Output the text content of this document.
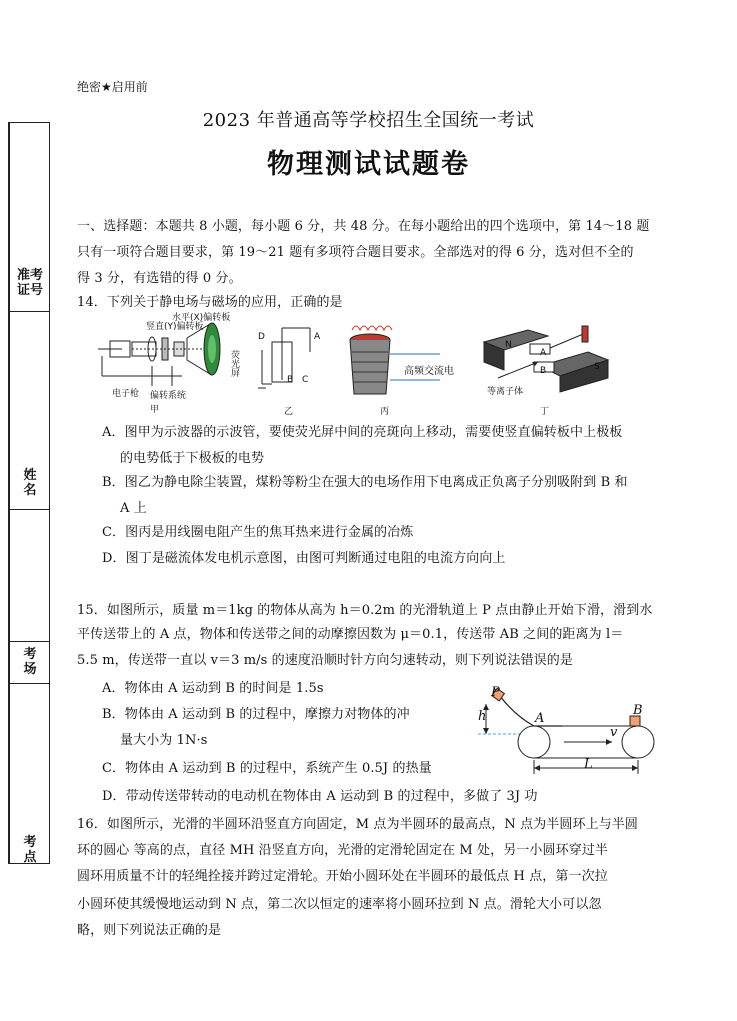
准考
证号
姓
名
考
场
考
点
绝密★启用前
2023 年普通高等学校招生全国统一考试
物理测试试题卷
一、选择题：本题共 8 小题，每小题 6 分，共 48 分。在每小题给出的四个选项中，第 14～18 题
只有一项符合题目要求，第 19～21 题有多项符合题目要求。全部选对的得 6 分，选对但不全的
得 3 分，有选错的得 0 分。
14．下列关于静电场与磁场的应用，正确的是
竖直(Y)偏转板
水平(X)偏转板
荧光屏
电子枪 偏转系统
甲
D	A
B C
乙
高频交流电
丙
N
S
A
B
等离子体
丁
A．图甲为示波器的示波管，要使荧光屏中间的亮斑向上移动，需要使竖直偏转板中上极板
的电势低于下极板的电势
B．图乙为静电除尘装置，煤粉等粉尘在强大的电场作用下电离成正负离子分别吸附到 B 和
A 上
C．图丙是用线圈电阻产生的焦耳热来进行金属的冶炼
D．图丁是磁流体发电机示意图，由图可判断通过电阻的电流方向向上
15．如图所示，质量 m＝1kg 的物体从高为 h＝0.2m 的光滑轨道上 P 点由静止开始下滑，滑到水
平传送带上的 A 点，物体和传送带之间的动摩擦因数为 μ＝0.1，传送带 AB 之间的距离为 l＝
5.5 m，传送带一直以 v＝3 m/s 的速度沿顺时针方向匀速转动，则下列说法错误的是
A．物体由 A 运动到 B 的时间是 1.5s
B．物体由 A 运动到 B 的过程中，摩擦力对物体的冲
量大小为 1N·s
C．物体由 A 运动到 B 的过程中，系统产生 0.5J 的热量
D．带动传送带转动的电动机在物体由 A 运动到 B 的过程中，多做了 3J 功
P
h	A
B
v
L
16．如图所示，光滑的半圆环沿竖直方向固定，M 点为半圆环的最高点，N 点为半圆环上与半圆
环的圆心 等高的点，直径 MH 沿竖直方向，光滑的定滑轮固定在 M 处，另一小圆环穿过半
圆环用质量不计的轻绳拴接并跨过定滑轮。开始小圆环处在半圆环的最低点 H 点，第一次拉
小圆环使其缓慢地运动到 N 点，第二次以恒定的速率将小圆环拉到 N 点。滑轮大小可以忽
略，则下列说法正确的是
